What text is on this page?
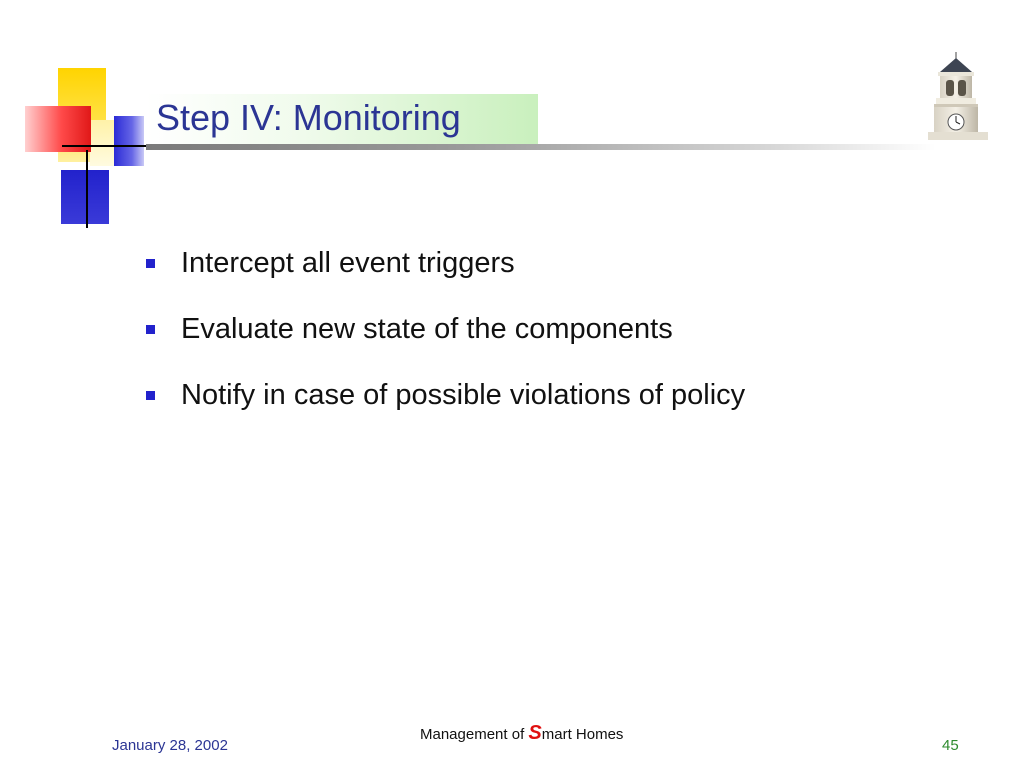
Step IV: Monitoring
Intercept all event triggers
Evaluate new state of the components
Notify in case of possible violations of policy
January 28, 2002
Management of Smart Homes
45
